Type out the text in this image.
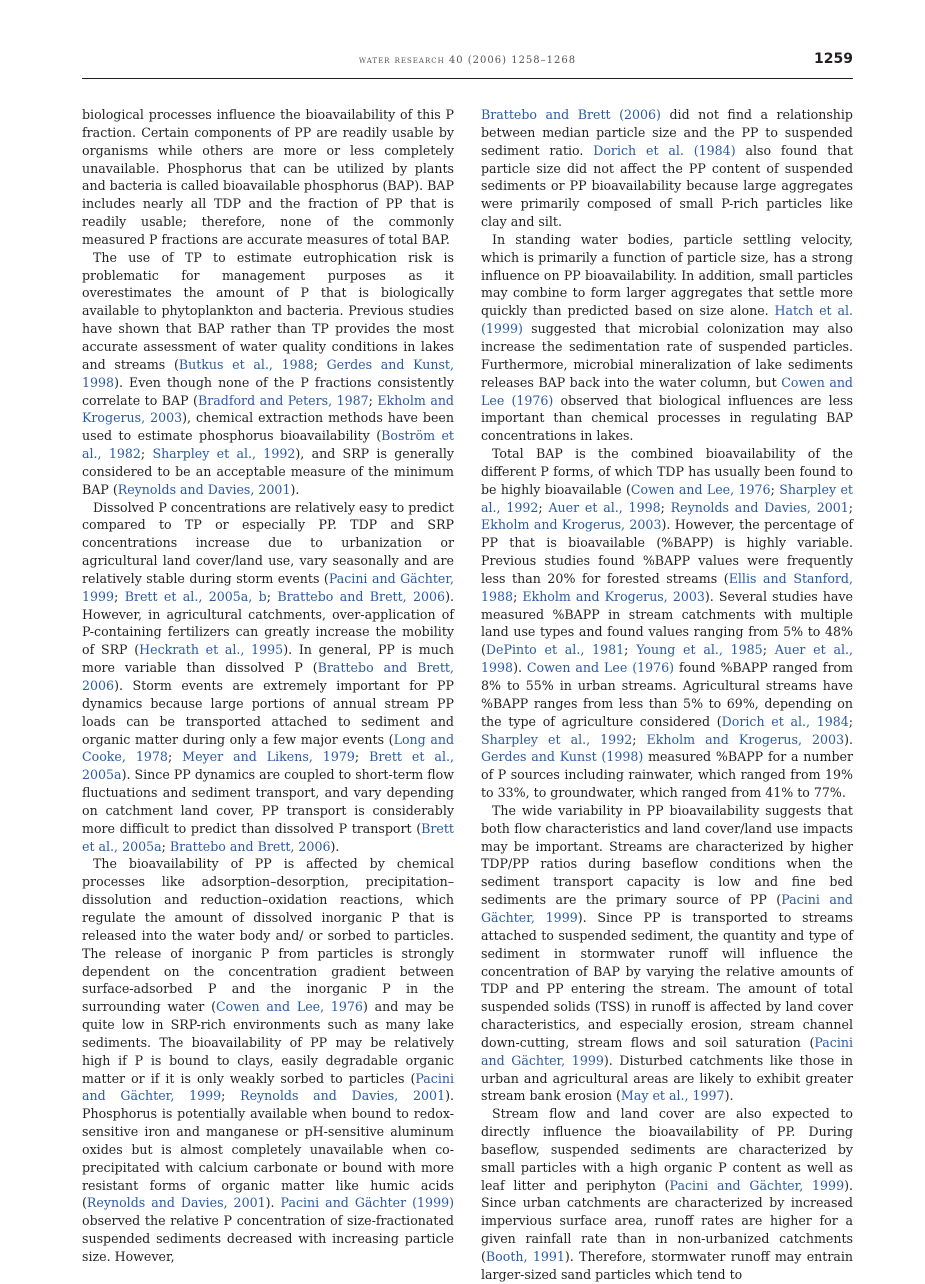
water research 40 (2006) 1258–1268	1259

biological processes influence the bioavailability of this P fraction. Certain components of PP are readily usable by organisms while others are more or less completely unavailable. Phosphorus that can be utilized by plants and bacteria is called bioavailable phosphorus (BAP). BAP includes nearly all TDP and the fraction of PP that is readily usable; therefore, none of the commonly measured P fractions are accurate measures of total BAP.

The use of TP to estimate eutrophication risk is problematic for management purposes as it overestimates the amount of P that is biologically available to phytoplankton and bacteria. Previous studies have shown that BAP rather than TP provides the most accurate assessment of water quality conditions in lakes and streams (Butkus et al., 1988; Gerdes and Kunst, 1998). Even though none of the P fractions consistently correlate to BAP (Bradford and Peters, 1987; Ekholm and Krogerus, 2003), chemical extraction methods have been used to estimate phosphorus bioavailability (Boström et al., 1982; Sharpley et al., 1992), and SRP is generally considered to be an acceptable measure of the minimum BAP (Reynolds and Davies, 2001).

Dissolved P concentrations are relatively easy to predict compared to TP or especially PP. TDP and SRP concentrations increase due to urbanization or agricultural land cover/land use, vary seasonally and are relatively stable during storm events (Pacini and Gächter, 1999; Brett et al., 2005a, b; Brattebo and Brett, 2006). However, in agricultural catchments, over-application of P-containing fertilizers can greatly increase the mobility of SRP (Heckrath et al., 1995). In general, PP is much more variable than dissolved P (Brattebo and Brett, 2006). Storm events are extremely important for PP dynamics because large portions of annual stream PP loads can be transported attached to sediment and organic matter during only a few major events (Long and Cooke, 1978; Meyer and Likens, 1979; Brett et al., 2005a). Since PP dynamics are coupled to short-term flow fluctuations and sediment transport, and vary depending on catchment land cover, PP transport is considerably more difficult to predict than dissolved P transport (Brett et al., 2005a; Brattebo and Brett, 2006).

The bioavailability of PP is affected by chemical processes like adsorption–desorption, precipitation–dissolution and reduction–oxidation reactions, which regulate the amount of dissolved inorganic P that is released into the water body and/ or sorbed to particles. The release of inorganic P from particles is strongly dependent on the concentration gradient between surface-adsorbed P and the inorganic P in the surrounding water (Cowen and Lee, 1976) and may be quite low in SRP-rich environments such as many lake sediments. The bioavailability of PP may be relatively high if P is bound to clays, easily degradable organic matter or if it is only weakly sorbed to particles (Pacini and Gächter, 1999; Reynolds and Davies, 2001). Phosphorus is potentially available when bound to redox-sensitive iron and manganese or pH-sensitive aluminum oxides but is almost completely unavailable when co-precipitated with calcium carbonate or bound with more resistant forms of organic matter like humic acids (Reynolds and Davies, 2001). Pacini and Gächter (1999) observed the relative P concentration of size-fractionated suspended sediments decreased with increasing particle size. However,

Brattebo and Brett (2006) did not find a relationship between median particle size and the PP to suspended sediment ratio. Dorich et al. (1984) also found that particle size did not affect the PP content of suspended sediments or PP bioavailability because large aggregates were primarily composed of small P-rich particles like clay and silt.

In standing water bodies, particle settling velocity, which is primarily a function of particle size, has a strong influence on PP bioavailability. In addition, small particles may combine to form larger aggregates that settle more quickly than predicted based on size alone. Hatch et al. (1999) suggested that microbial colonization may also increase the sedimentation rate of suspended particles. Furthermore, microbial mineralization of lake sediments releases BAP back into the water column, but Cowen and Lee (1976) observed that biological influences are less important than chemical processes in regulating BAP concentrations in lakes.

Total BAP is the combined bioavailability of the different P forms, of which TDP has usually been found to be highly bioavailable (Cowen and Lee, 1976; Sharpley et al., 1992; Auer et al., 1998; Reynolds and Davies, 2001; Ekholm and Krogerus, 2003). However, the percentage of PP that is bioavailable (%BAPP) is highly variable. Previous studies found %BAPP values were frequently less than 20% for forested streams (Ellis and Stanford, 1988; Ekholm and Krogerus, 2003). Several studies have measured %BAPP in stream catchments with multiple land use types and found values ranging from 5% to 48% (DePinto et al., 1981; Young et al., 1985; Auer et al., 1998). Cowen and Lee (1976) found %BAPP ranged from 8% to 55% in urban streams. Agricultural streams have %BAPP ranges from less than 5% to 69%, depending on the type of agriculture considered (Dorich et al., 1984; Sharpley et al., 1992; Ekholm and Krogerus, 2003). Gerdes and Kunst (1998) measured %BAPP for a number of P sources including rainwater, which ranged from 19% to 33%, to groundwater, which ranged from 41% to 77%.

The wide variability in PP bioavailability suggests that both flow characteristics and land cover/land use impacts may be important. Streams are characterized by higher TDP/PP ratios during baseflow conditions when the sediment transport capacity is low and fine bed sediments are the primary source of PP (Pacini and Gächter, 1999). Since PP is transported to streams attached to suspended sediment, the quantity and type of sediment in stormwater runoff will influence the concentration of BAP by varying the relative amounts of TDP and PP entering the stream. The amount of total suspended solids (TSS) in runoff is affected by land cover characteristics, and especially erosion, stream channel down-cutting, stream flows and soil saturation (Pacini and Gächter, 1999). Disturbed catchments like those in urban and agricultural areas are likely to exhibit greater stream bank erosion (May et al., 1997).

Stream flow and land cover are also expected to directly influence the bioavailability of PP. During baseflow, suspended sediments are characterized by small particles with a high organic P content as well as leaf litter and periphyton (Pacini and Gächter, 1999). Since urban catchments are characterized by increased impervious surface area, runoff rates are higher for a given rainfall rate than in non-urbanized catchments (Booth, 1991). Therefore, stormwater runoff may entrain larger-sized sand particles which tend to
